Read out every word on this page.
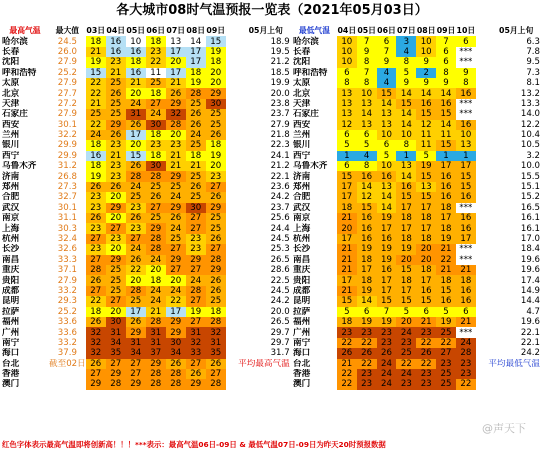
各大城市08时气温预报一览表（2021年05月03日）
最高气温	最大值	03日	04日	05日	06日	07日	08日	09日		05月上旬
哈尔滨	24.5	18	16	10	18	13	14	15		18.9
长春	26.0	21	16	16	23	17	17	19		19.5
沈阳	27.9	19	23	18	22	20	17	18		21.2
呼和浩特	25.2	15	21	16	11	17	18	20		18.5
太原	27.9	22	25	21	25	21	19	20		19.9
北京	27.7	22	26	20	18	26	28	29		20.0
天津	27.2	21	25	24	27	29	25	30		23.8
石家庄	27.9	25	25	31	24	32	26	25		23.7
西安	30.1	22	29	26	30	28	26	25		27.9
兰州	32.2	24	26	17	18	20	24	26		21.8
银川	29.9	18	23	20	23	23	25	18		22.3
西宁	29.9	16	21	15	18	21	18	19		24.1
乌鲁木齐	31.2	18	23	26	30	21	21	20		21.2
济南	26.8	19	23	28	28	29	25	23		22.1
郑州	27.3	26	26	24	25	25	26	27		23.6
合肥	32.7	23	20	25	26	24	25	26		24.2
武汉	30.1	23	29	23	27	29	30	29		23.7
南京	31.1	26	20	26	25	26	27	25		25.6
上海	30.3	23	27	23	29	24	27	25		24.4
杭州	32.4	27	23	27	28	25	23	26		24.5
长沙	32.6	23	20	24	28	27	23	27		25.3
南昌	33.3	27	29	26	24	29	29	28		26.5
重庆	37.1	28	25	22	20	27	27	29		28.6
贵阳	27.9	26	25	20	18	20	24	26		22.5
成都	33.2	27	25	28	24	24	28	26		24.5
昆明	29.3	22	27	25	24	22	27	25		24.2
拉萨	25.2	18	20	17	21	17	19	18		20.0
福州	33.6	26	30	26	28	29	27	28		26.5
广州	33.6	32	31	29	31	29	31	32		29.7
南宁	33.2	32	34	31	31	30	32	31		29.7
海口	37.9	32	35	34	37	34	33	35		31.7
台北	截至02日	26	27	27	29	26	27	26		平均最高气温
香港		27	29	27	28	28	26	27		
澳门		29	28	29	28	28	29	28		
最低气温	04日	05日	06日	07日	08日	09日	10日		05月上旬
哈尔滨	10	7	6	3	10	7	6		6.3
长春	10	9	7	4	10	6	***		7.8
沈阳	10	8	9	8	9	6	***		9.5
呼和浩特	6	7	4	5	2	8	9		7.3
太原	8	8	4	9	9	9	8		8.1
北京	13	10	15	14	14	14	16		13.2
天津	13	13	14	15	16	16	***		13.3
石家庄	13	14	13	14	15	15	***		14.0
西安	12	13	13	14	12	14	16		12.2
兰州	6	6	10	10	11	11	10		10.4
银川	5	5	6	8	11	15	13		10.5
西宁	1	4	5	1	5	1	1		3.2
乌鲁木齐	6	8	10	13	19	17	17		10.0
济南	15	16	16	14	15	16	15		15.5
郑州	17	14	13	16	13	16	15		15.1
合肥	17	12	14	15	15	16	16		15.2
武汉	18	15	14	17	17	18	***		16.5
南京	21	16	19	18	18	17	16		16.1
上海	20	16	17	17	17	18	16		16.1
杭州	17	16	16	18	18	19	17		17.0
长沙	21	19	19	19	20	21	***		18.4
南昌	21	18	19	20	20	22	***		19.6
重庆	21	17	16	15	18	21	21		19.6
贵阳	17	18	17	18	17	18	18		17.4
成都	21	19	17	17	16	15	16		14.9
昆明	15	14	15	15	15	16	16		14.4
拉萨	5	6	7	5	6	5	6		4.7
福州	18	19	19	20	21	19	21		19.6
广州	23	23	23	24	23	25	***		22.1
南宁	22	22	23	23	22	22	24		22.1
海口	26	26	26	25	26	27	28		24.2
台北	21	22	24	22	22	23	23		平均最低气温
香港	22	23	24	24	23	25	23		
澳门	22	23	24	23	23	25	22		
@声天下
红色字体表示最高气温即将创新高！！！***表示：最高气温06日-09日 & 最低气温07日-09日为昨天20时预报数据
